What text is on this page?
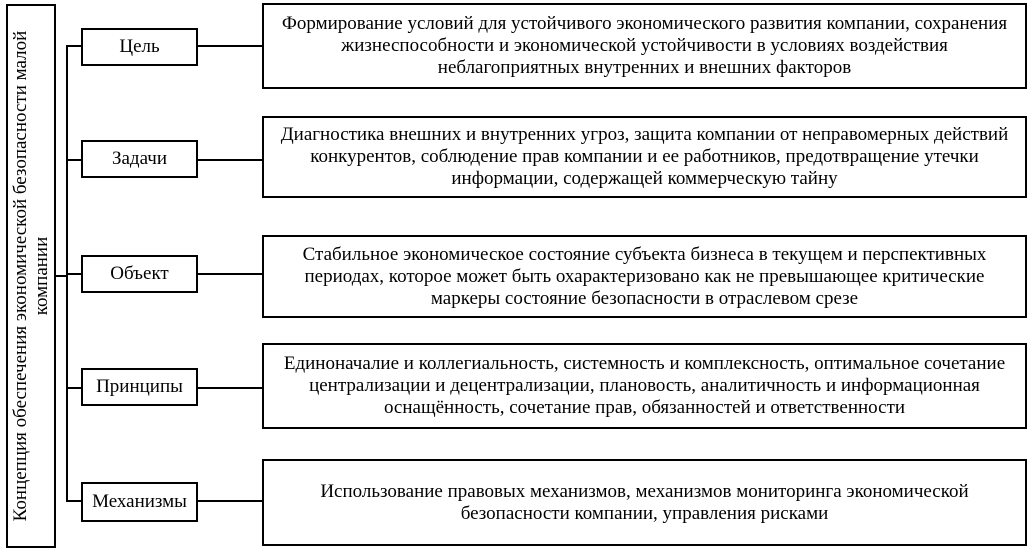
Концепция обеспечения экономической безопасности малой компании
Цель
Формирование условий для устойчивого экономического развития компании, сохранения жизнеспособности и экономической устойчивости в условиях воздействия неблагоприятных внутренних и внешних факторов
Задачи
Диагностика внешних и внутренних угроз, защита компании от неправомерных действий конкурентов, соблюдение прав компании и ее работников, предотвращение утечки информации, содержащей коммерческую тайну
Объект
Стабильное экономическое состояние субъекта бизнеса в текущем и перспективных периодах, которое может быть охарактеризовано как не превышающее критические маркеры состояние безопасности в отраслевом срезе
Принципы
Единоначалие и коллегиальность, системность и комплексность, оптимальное сочетание централизации и децентрализации, плановость, аналитичность и информационная оснащённость, сочетание прав, обязанностей и ответственности
Механизмы	Использование правовых механизмов, механизмов мониторинга экономической безопасности компании, управления рисками
